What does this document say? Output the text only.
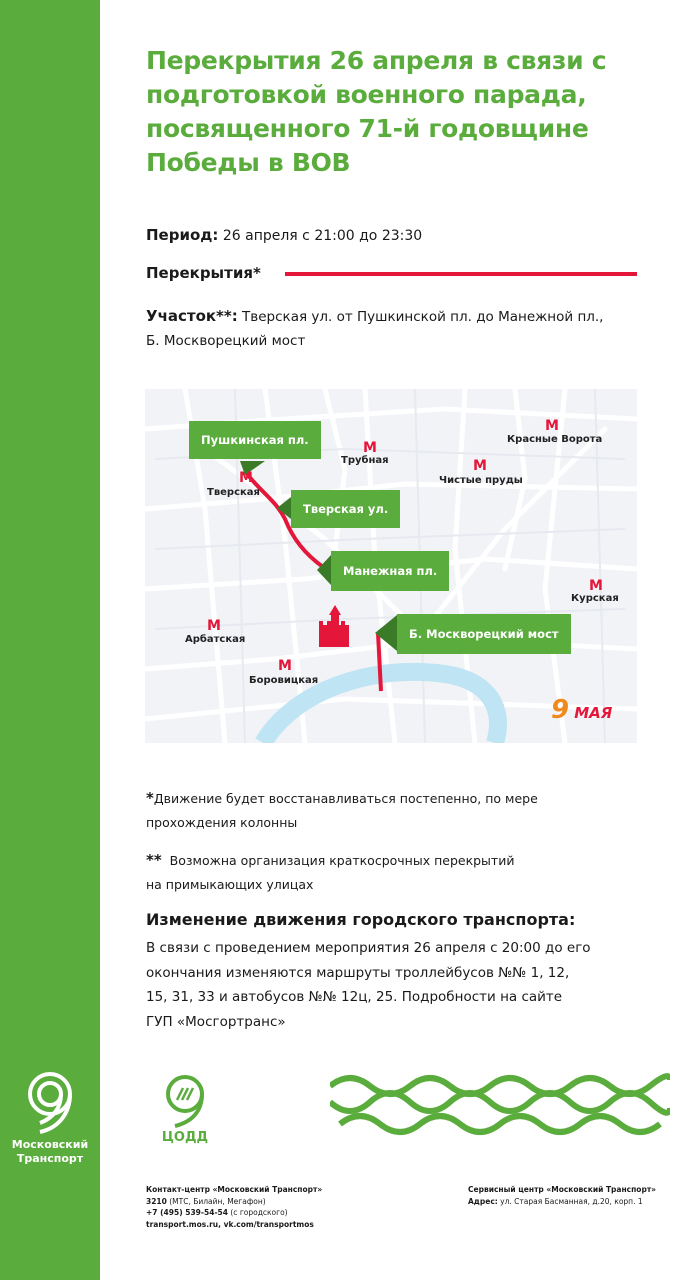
Московский
Транспорт
Перекрытия 26 апреля в связи с подготовкой военного парада, посвященного 71-й годовщине Победы в ВОВ
Период: 26 апреля с 21:00 до 23:30
Перекрытия*
Участок**: Тверская ул. от Пушкинской пл. до Манежной пл.,
Б. Москворецкий мост
Пушкинская пл.
Тверская ул.
Манежная пл.
Б. Москворецкий мост
M
Трубная
M
Красные Ворота
M
Чистые пруды
M
Тверская
M
Курская
M
Арбатская
M
Боровицкая
9 МАЯ
*Движение будет восстанавливаться постепенно, по мере
прохождения колонны
** Возможна организация краткосрочных перекрытий
на примыкающих улицах
Изменение движения городского транспорта:
В связи с проведением мероприятия 26 апреля с 20:00 до его
окончания изменяются маршруты троллейбусов №№ 1, 12,
15, 31, 33 и автобусов №№ 12ц, 25. Подробности на сайте
ГУП «Мосгортранс»
ЦОДД
Контакт-центр «Московский Транспорт»
3210 (МТС, Билайн, Мегафон)
+7 (495) 539-54-54 (с городского)
transport.mos.ru, vk.com/transportmos
Сервисный центр «Московский Транспорт»
Адрес: ул. Старая Басманная, д.20, корп. 1
